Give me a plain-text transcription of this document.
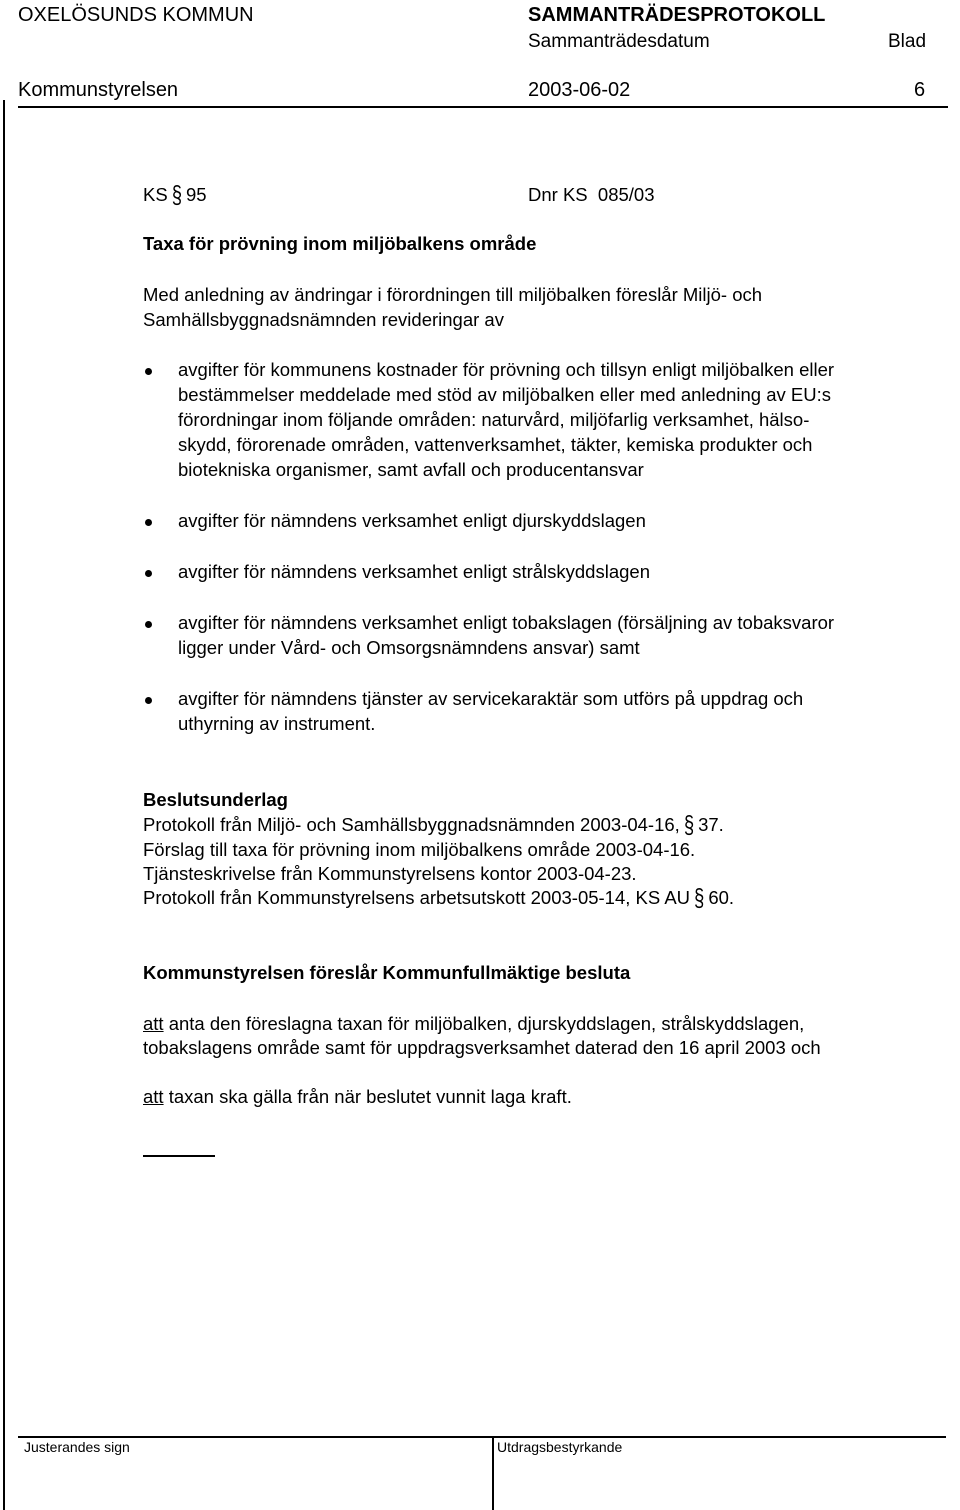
OXELÖSUNDS KOMMUN	SAMMANTRÄDESPROTOKOLL
Sammanträdesdatum	Blad
Kommunstyrelsen	2003-06-02	6
KS § 95	Dnr KS  085/03
Taxa för prövning inom miljöbalkens område
Med anledning av ändringar i förordningen till miljöbalken föreslår Miljö- och
Samhällsbyggnadsnämnden revideringar av
avgifter för kommunens kostnader för prövning och tillsyn enligt miljöbalken eller
bestämmelser meddelade med stöd av miljöbalken eller med anledning av EU:s
förordningar inom följande områden: naturvård, miljöfarlig verksamhet, hälso-
skydd, förorenade områden, vattenverksamhet, täkter, kemiska produkter och
biotekniska organismer, samt avfall och producentansvar
avgifter för nämndens verksamhet enligt djurskyddslagen
avgifter för nämndens verksamhet enligt strålskyddslagen
avgifter för nämndens verksamhet enligt tobakslagen (försäljning av tobaksvaror
ligger under Vård- och Omsorgsnämndens ansvar) samt
avgifter för nämndens tjänster av servicekaraktär som utförs på uppdrag och
uthyrning av instrument.
Beslutsunderlag
Protokoll från Miljö- och Samhällsbyggnadsnämnden 2003-04-16, § 37.
Förslag till taxa för prövning inom miljöbalkens område 2003-04-16.
Tjänsteskrivelse från Kommunstyrelsens kontor 2003-04-23.
Protokoll från Kommunstyrelsens arbetsutskott 2003-05-14, KS AU § 60.
Kommunstyrelsen föreslår Kommunfullmäktige besluta
att anta den föreslagna taxan för miljöbalken, djurskyddslagen, strålskyddslagen,
tobakslagens område samt för uppdragsverksamhet daterad den 16 april 2003 och
att taxan ska gälla från när beslutet vunnit laga kraft.
Justerandes sign	Utdragsbestyrkande
